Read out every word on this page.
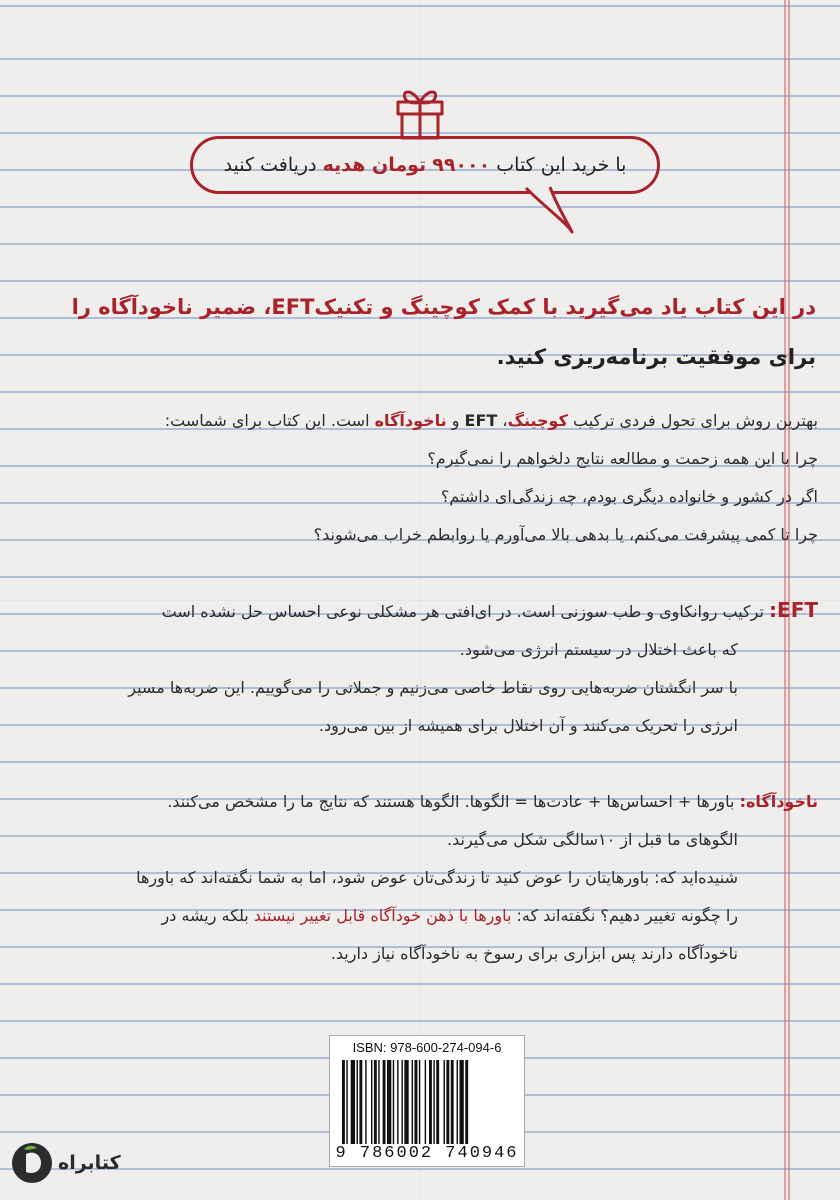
با خرید این کتاب

۹۹۰۰۰

تومان هدیه

دریافت کنید

در این کتاب یاد می‌گیرید با کمک کوچینگ و تکنیکEFT، ضمیر ناخودآگاه را

برای موفقیت برنامه‌ریزی کنید.

بهترین روش برای تحول فردی ترکیب کوچینگ، EFT و ناخودآگاه است. این کتاب برای شماست:

چرا با این همه زحمت و مطالعه نتایج دلخواهم را نمی‌گیرم؟

اگر در کشور و خانواده دیگری بودم، چه زندگی‌ای داشتم؟

چرا تا کمی پیشرفت می‌کنم، یا بدهی بالا می‌آورم یا روابطم خراب می‌شوند؟

EFT: ترکیب روانکاوی و طب سوزنی است. در ای‌افتی هر مشکلی نوعی احساس حل نشده است

که باعث اختلال در سیستم انرژی می‌شود.

با سر انگشتان ضربه‌هایی روی نقاط خاصی می‌زنیم و جملاتی را می‌گوییم. این ضربه‌ها مسیر

انرژی را تحریک می‌کنند و آن اختلال برای همیشه از بین می‌رود.

ناخودآگاه: باورها + احساس‌ها + عادت‌ها = الگوها. الگوها هستند که نتایج ما را مشخص می‌کنند.

الگوهای ما قبل از ۱۰سالگی شکل می‌گیرند.

شنیده‌اید که: باورهایتان را عوض کنید تا زندگی‌تان عوض شود، اما به شما نگفته‌اند که باورها

را چگونه تغییر دهیم؟ نگفته‌اند که: باورها با ذهن خودآگاه قابل تغییر نیستند بلکه ریشه در

ناخودآگاه دارند پس ابزاری برای رسوخ به ناخودآگاه نیاز دارید.

ISBN: 978-600-274-094-6
9 786002 740946
کتابراه
